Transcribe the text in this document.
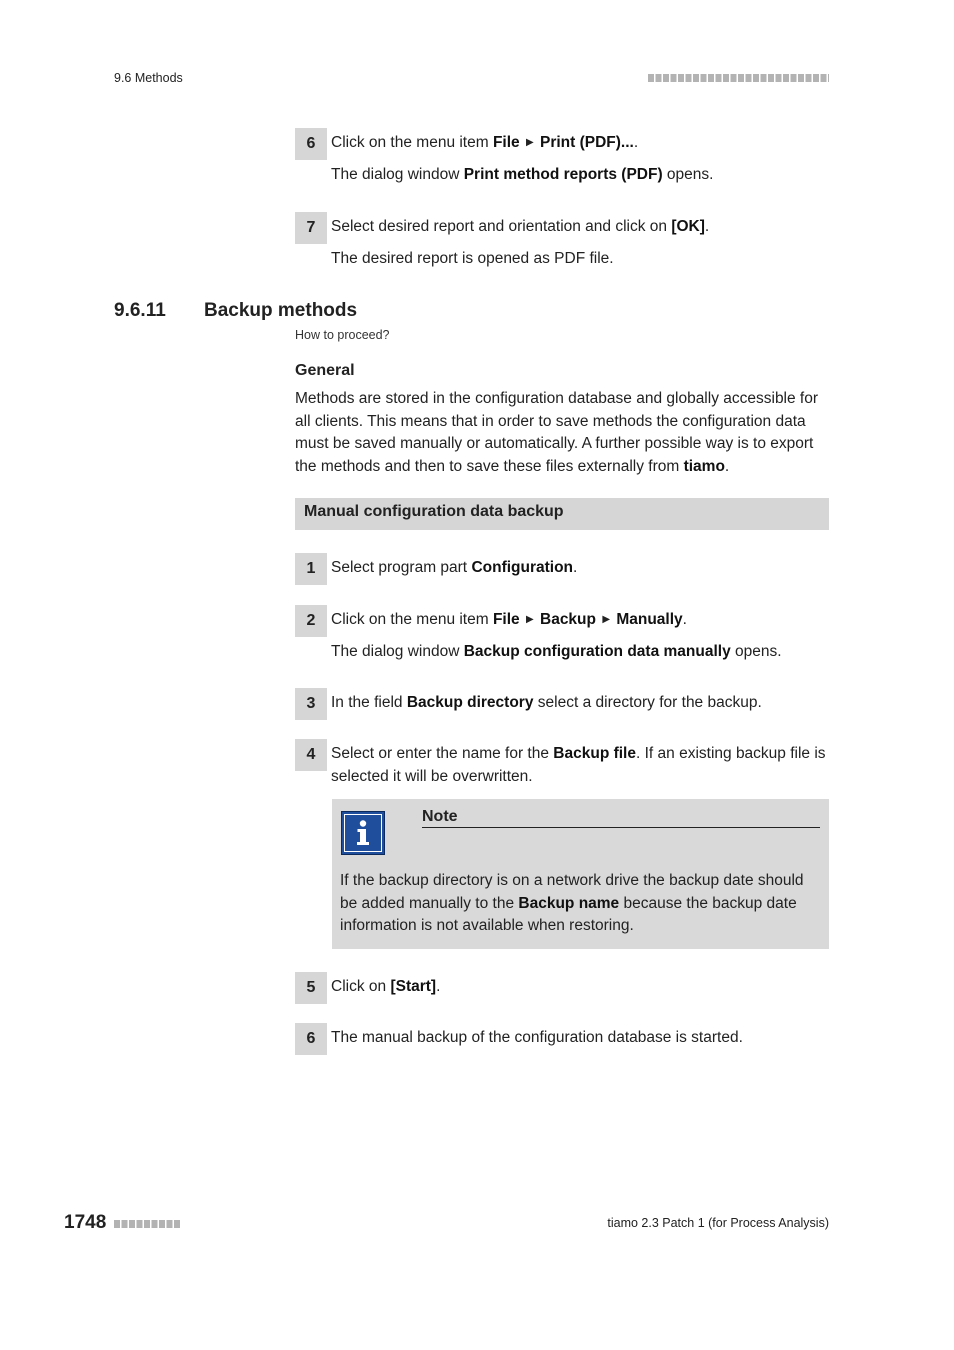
9.6 Methods
6	Click on the menu item File ▶ Print (PDF)....
The dialog window Print method reports (PDF) opens.
7	Select desired report and orientation and click on [OK].
The desired report is opened as PDF file.
9.6.11 Backup methods
How to proceed?
General
Methods are stored in the configuration database and globally accessible for all clients. This means that in order to save methods the configuration data must be saved manually or automatically. A further possible way is to export the methods and then to save these files externally from tiamo.
Manual configuration data backup
1	Select program part Configuration.
2	Click on the menu item File ▶ Backup ▶ Manually.
The dialog window Backup configuration data manually opens.
3	In the field Backup directory select a directory for the backup.
4	Select or enter the name for the Backup file. If an existing backup file is selected it will be overwritten.
Note
If the backup directory is on a network drive the backup date should be added manually to the Backup name because the backup date information is not available when restoring.
5	Click on [Start].
6	The manual backup of the configuration database is started.
1748	tiamo 2.3 Patch 1 (for Process Analysis)
